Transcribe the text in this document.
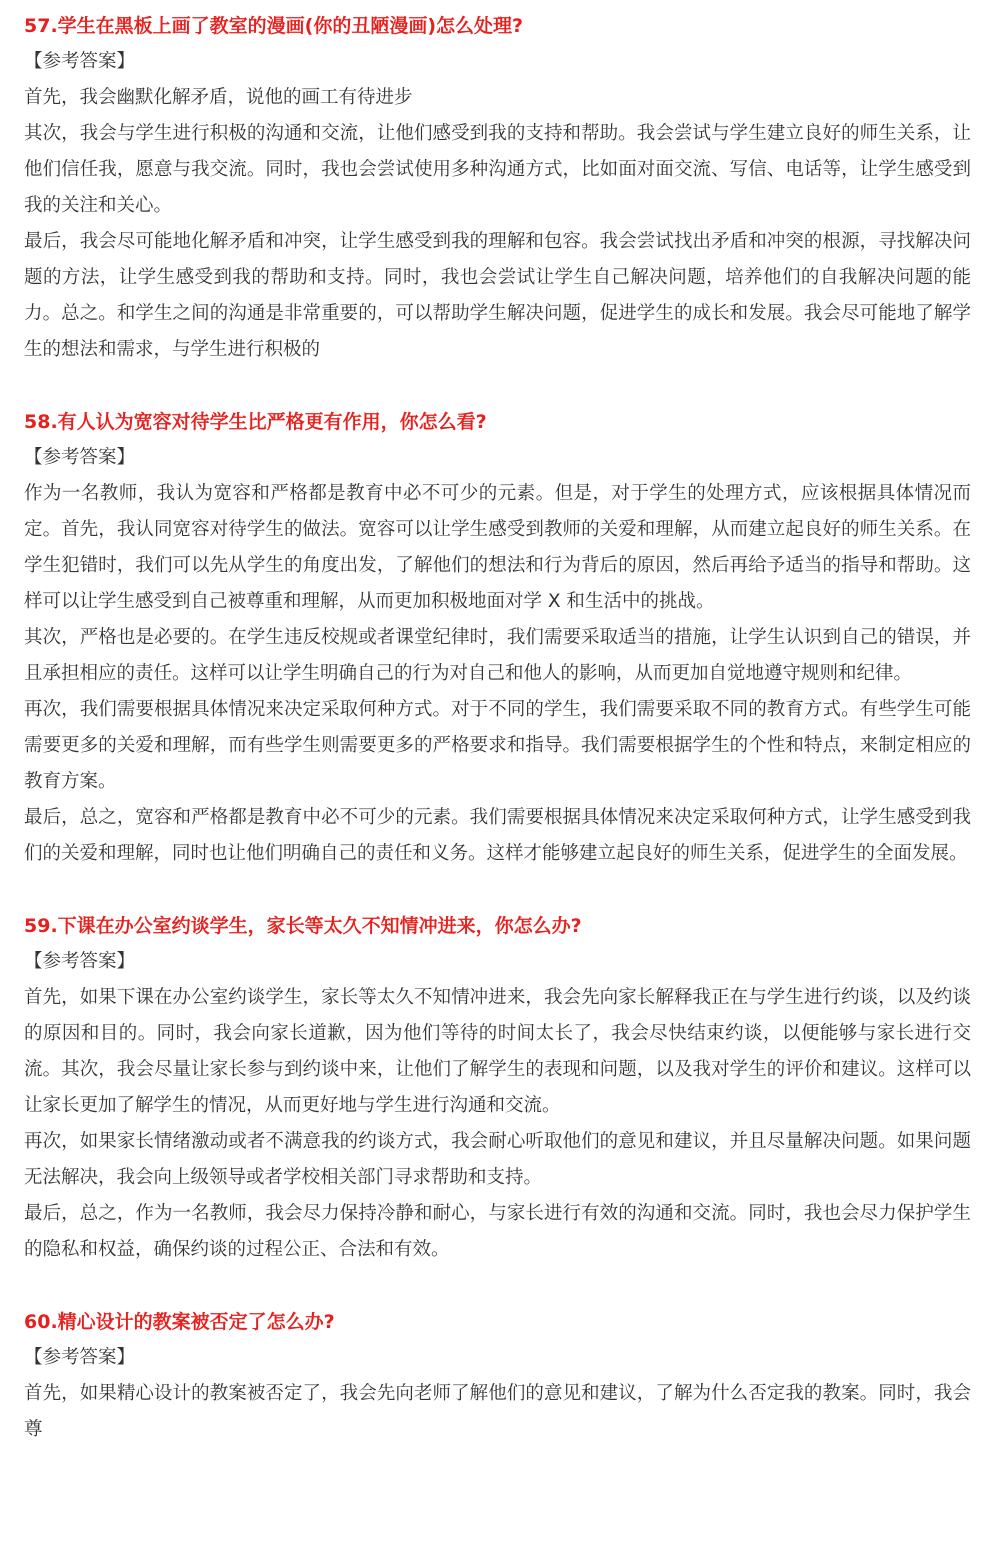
57.学生在黑板上画了教室的漫画(你的丑陋漫画)怎么处理?

【参考答案】

首先，我会幽默化解矛盾，说他的画工有待进步

其次，我会与学生进行积极的沟通和交流，让他们感受到我的支持和帮助。我会尝试与学生建立良好的师生关系，让他们信任我，愿意与我交流。同时，我也会尝试使用多种沟通方式，比如面对面交流、写信、电话等，让学生感受到我的关注和关心。

最后，我会尽可能地化解矛盾和冲突，让学生感受到我的理解和包容。我会尝试找出矛盾和冲突的根源，寻找解决问题的方法，让学生感受到我的帮助和支持。同时，我也会尝试让学生自己解决问题，培养他们的自我解决问题的能力。总之。和学生之间的沟通是非常重要的，可以帮助学生解决问题，促进学生的成长和发展。我会尽可能地了解学生的想法和需求，与学生进行积极的

58.有人认为宽容对待学生比严格更有作用，你怎么看?

【参考答案】

作为一名教师，我认为宽容和严格都是教育中必不可少的元素。但是，对于学生的处理方式，应该根据具体情况而定。首先，我认同宽容对待学生的做法。宽容可以让学生感受到教师的关爱和理解，从而建立起良好的师生关系。在学生犯错时，我们可以先从学生的角度出发，了解他们的想法和行为背后的原因，然后再给予适当的指导和帮助。这样可以让学生感受到自己被尊重和理解，从而更加积极地面对学 X 和生活中的挑战。

其次，严格也是必要的。在学生违反校规或者课堂纪律时，我们需要采取适当的措施，让学生认识到自己的错误，并且承担相应的责任。这样可以让学生明确自己的行为对自己和他人的影响，从而更加自觉地遵守规则和纪律。

再次，我们需要根据具体情况来决定采取何种方式。对于不同的学生，我们需要采取不同的教育方式。有些学生可能需要更多的关爱和理解，而有些学生则需要更多的严格要求和指导。我们需要根据学生的个性和特点，来制定相应的教育方案。

最后，总之，宽容和严格都是教育中必不可少的元素。我们需要根据具体情况来决定采取何种方式，让学生感受到我们的关爱和理解，同时也让他们明确自己的责任和义务。这样才能够建立起良好的师生关系，促进学生的全面发展。

59.下课在办公室约谈学生，家长等太久不知情冲进来，你怎么办?

【参考答案】

首先，如果下课在办公室约谈学生，家长等太久不知情冲进来，我会先向家长解释我正在与学生进行约谈，以及约谈的原因和目的。同时，我会向家长道歉，因为他们等待的时间太长了，我会尽快结束约谈，以便能够与家长进行交流。其次，我会尽量让家长参与到约谈中来，让他们了解学生的表现和问题，以及我对学生的评价和建议。这样可以让家长更加了解学生的情况，从而更好地与学生进行沟通和交流。

再次，如果家长情绪激动或者不满意我的约谈方式，我会耐心听取他们的意见和建议，并且尽量解决问题。如果问题无法解决，我会向上级领导或者学校相关部门寻求帮助和支持。

最后，总之，作为一名教师，我会尽力保持冷静和耐心，与家长进行有效的沟通和交流。同时，我也会尽力保护学生的隐私和权益，确保约谈的过程公正、合法和有效。

60.精心设计的教案被否定了怎么办?

【参考答案】

首先，如果精心设计的教案被否定了，我会先向老师了解他们的意见和建议，了解为什么否定我的教案。同时，我会尊
